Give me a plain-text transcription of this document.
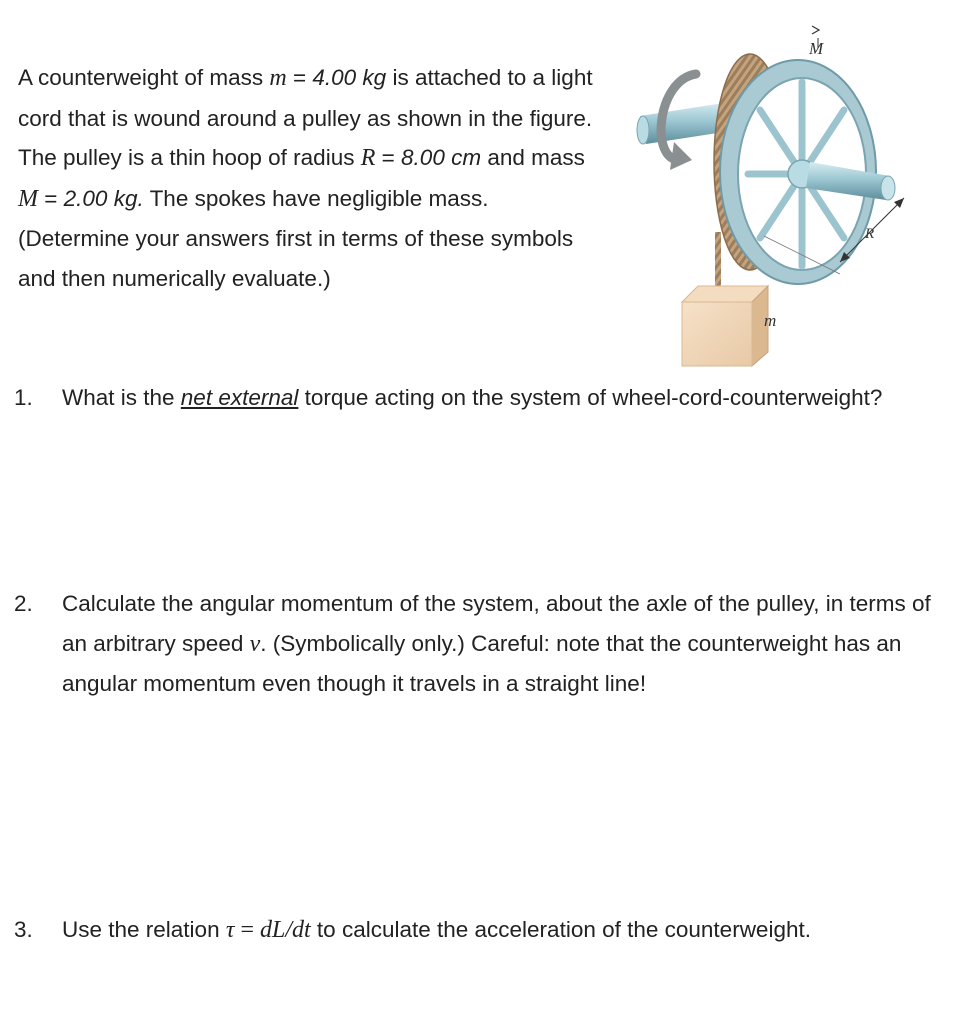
A counterweight of mass m = 4.00 kg is attached to a light cord that is wound around a pulley as shown in the figure. The pulley is a thin hoop of radius R = 8.00 cm and mass M = 2.00 kg. The spokes have negligible mass. (Determine your answers first in terms of these symbols and then numerically evaluate.)

R
M
m
1.	What is the net external torque acting on the system of wheel-cord-counterweight?
2.	Calculate the angular momentum of the system, about the axle of the pulley, in terms of an arbitrary speed v. (Symbolically only.) Careful: note that the counterweight has an angular momentum even though it travels in a straight line!
3.	Use the relation τ = dL/dt to calculate the acceleration of the counterweight.
